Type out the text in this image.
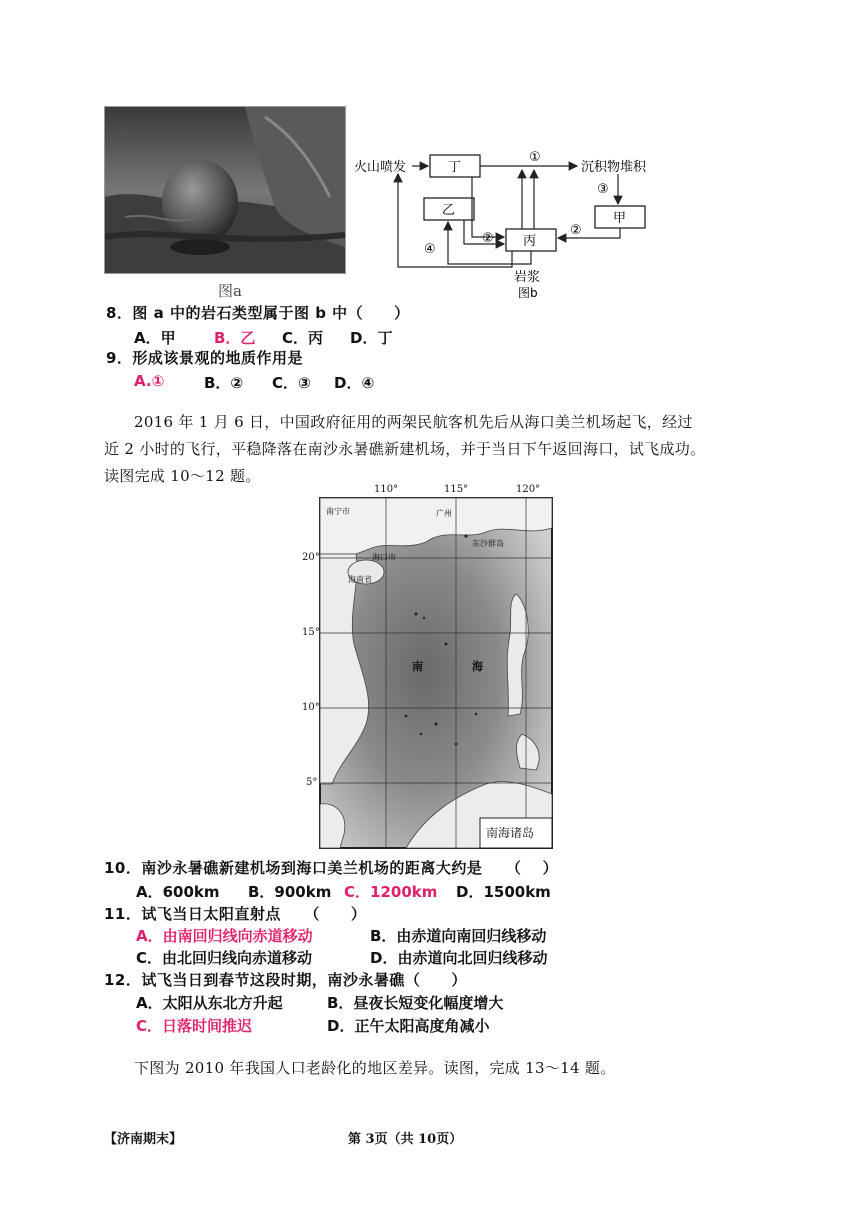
图a
火山喷发	丁
乙
丙
甲
沉积物堆积
①
③
②
②
④
岩浆
图b
8．图 a 中的岩石类型属于图 b 中（　　）
A．甲	B．乙 C．丙 D．丁
9．形成该景观的地质作用是
A.①	B．② C．③ D．④
2016 年 1 月 6 日，中国政府征用的两架民航客机先后从海口美兰机场起飞，经过
近 2 小时的飞行，平稳降落在南沙永暑礁新建机场，并于当日下午返回海口，试飞成功。
读图完成 10～12 题。
110°	115°	120°
20°
15°
10°
5°
南宁市	广州
海口市
海南省
东沙群岛
南	海
南海诸岛
10．南沙永暑礁新建机场到海口美兰机场的距离大约是　　（　 ）
A．600km B．900km C．1200km D．1500km
11．试飞当日太阳直射点　　（　　）
A．由南回归线向赤道移动	B．由赤道向南回归线移动
C．由北回归线向赤道移动	D．由赤道向北回归线移动
12．试飞当日到春节这段时期，南沙永暑礁（　　）
A．太阳从东北方升起	B．昼夜长短变化幅度增大
C．日落时间推迟	D．正午太阳高度角减小
下图为 2010 年我国人口老龄化的地区差异。读图，完成 13～14 题。
【济南期末】	第 3页（共 10页）
